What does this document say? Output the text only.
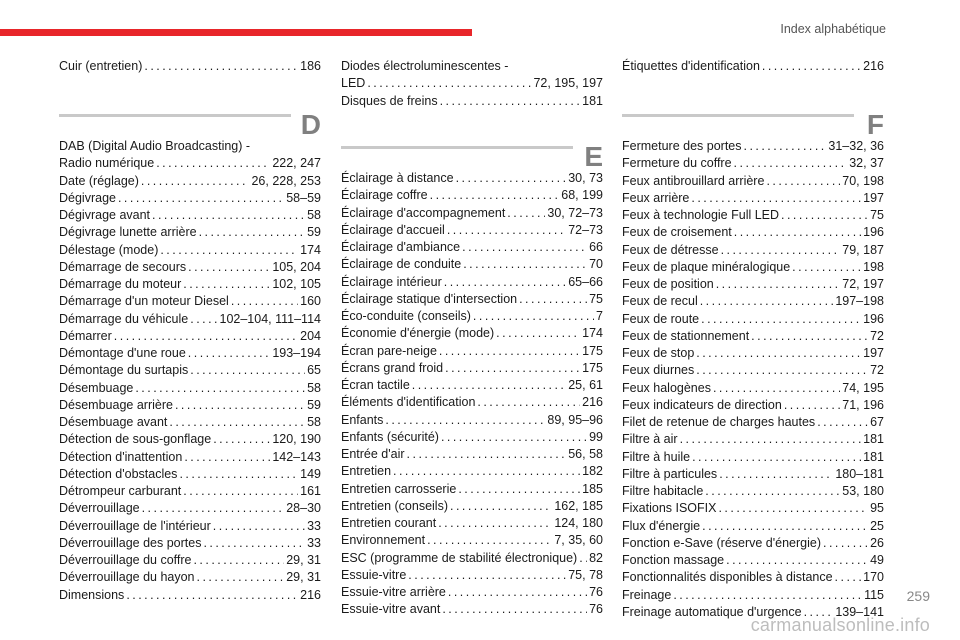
Index alphabétique
Cuir (entretien) . . .	186
D
DAB (Digital Audio Broadcasting) -
Radio numérique . . .	222, 247
Date (réglage) . . .	26, 228, 253
Dégivrage . . .	58–59
Dégivrage avant . . .	58
Dégivrage lunette arrière . . .	59
Délestage (mode) . . .	174
Démarrage de secours . . .	105, 204
Démarrage du moteur . . .	102, 105
Démarrage d'un moteur Diesel . . .	160
Démarrage du véhicule . . .	102–104, 111–114
Démarrer . . .	204
Démontage d'une roue . . .	193–194
Démontage du surtapis . . .	65
Désembuage . . .	58
Désembuage arrière . . .	59
Désembuage avant . . .	58
Détection de sous-gonflage . . .	120, 190
Détection d'inattention . . .	142–143
Détection d'obstacles . . .	149
Détrompeur carburant . . .	161
Déverrouillage . . .	28–30
Déverrouillage de l'intérieur . . .	33
Déverrouillage des portes . . .	33
Déverrouillage du coffre . . .	29, 31
Déverrouillage du hayon . . .	29, 31
Dimensions . . .	216
Diodes électroluminescentes -
LED . . .	72, 195, 197
Disques de freins . . .	181
E
Éclairage à distance . . .	30, 73
Éclairage coffre . . .	68, 199
Éclairage d'accompagnement . . .	30, 72–73
Éclairage d'accueil . . .	72–73
Éclairage d'ambiance . . .	66
Éclairage de conduite . . .	70
Éclairage intérieur . . .	65–66
Éclairage statique d'intersection . . .	75
Éco-conduite (conseils) . . .	7
Économie d'énergie (mode) . . .	174
Écran pare-neige . . .	175
Écrans grand froid . . .	175
Écran tactile . . .	25, 61
Éléments d'identification . . .	216
Enfants . . .	89, 95–96
Enfants (sécurité) . . .	99
Entrée d'air . . .	56, 58
Entretien . . .	182
Entretien carrosserie . . .	185
Entretien (conseils) . . .	162, 185
Entretien courant . . .	124, 180
Environnement . . .	7, 35, 60
ESC (programme de stabilité électronique) . . . 82
Essuie-vitre . . .	75, 78
Essuie-vitre arrière . . .	76
Essuie-vitre avant . . .	76
Étiquettes d'identification . . .	216
F
Fermeture des portes . . .	31–32, 36
Fermeture du coffre . . .	32, 37
Feux antibrouillard arrière . . .	70, 198
Feux arrière . . .	197
Feux à technologie Full LED . . .	75
Feux de croisement . . .	196
Feux de détresse . . .	79, 187
Feux de plaque minéralogique . . .	198
Feux de position . . .	72, 197
Feux de recul . . .	197–198
Feux de route . . .	196
Feux de stationnement . . .	72
Feux de stop . . .	197
Feux diurnes . . .	72
Feux halogènes . . .	74, 195
Feux indicateurs de direction . . .	71, 196
Filet de retenue de charges hautes . . .	67
Filtre à air . . .	181
Filtre à huile . . .	181
Filtre à particules . . .	180–181
Filtre habitacle . . .	53, 180
Fixations ISOFIX . . .	95
Flux d'énergie . . .	25
Fonction e-Save (réserve d'énergie) . . .	26
Fonction massage . . .	49
Fonctionnalités disponibles à distance . . . 170
Freinage . . .	115
Freinage automatique d'urgence . . .	139–141
carmanualsonline.info
259
